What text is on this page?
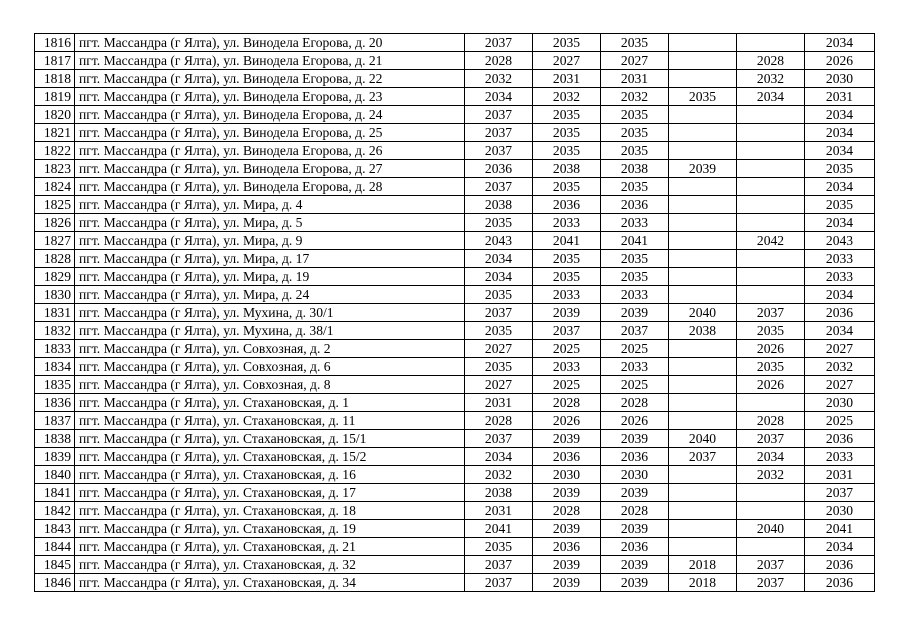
1816	пгт. Массандра (г Ялта), ул. Винодела Егорова, д. 20	2037	2035	2035			2034
1817	пгт. Массандра (г Ялта), ул. Винодела Егорова, д. 21	2028	2027	2027		2028	2026
1818	пгт. Массандра (г Ялта), ул. Винодела Егорова, д. 22	2032	2031	2031		2032	2030
1819	пгт. Массандра (г Ялта), ул. Винодела Егорова, д. 23	2034	2032	2032	2035	2034	2031
1820	пгт. Массандра (г Ялта), ул. Винодела Егорова, д. 24	2037	2035	2035			2034
1821	пгт. Массандра (г Ялта), ул. Винодела Егорова, д. 25	2037	2035	2035			2034
1822	пгт. Массандра (г Ялта), ул. Винодела Егорова, д. 26	2037	2035	2035			2034
1823	пгт. Массандра (г Ялта), ул. Винодела Егорова, д. 27	2036	2038	2038	2039		2035
1824	пгт. Массандра (г Ялта), ул. Винодела Егорова, д. 28	2037	2035	2035			2034
1825	пгт. Массандра (г Ялта), ул. Мира, д. 4	2038	2036	2036			2035
1826	пгт. Массандра (г Ялта), ул. Мира, д. 5	2035	2033	2033			2034
1827	пгт. Массандра (г Ялта), ул. Мира, д. 9	2043	2041	2041		2042	2043
1828	пгт. Массандра (г Ялта), ул. Мира, д. 17	2034	2035	2035			2033
1829	пгт. Массандра (г Ялта), ул. Мира, д. 19	2034	2035	2035			2033
1830	пгт. Массандра (г Ялта), ул. Мира, д. 24	2035	2033	2033			2034
1831	пгт. Массандра (г Ялта), ул. Мухина, д. 30/1	2037	2039	2039	2040	2037	2036
1832	пгт. Массандра (г Ялта), ул. Мухина, д. 38/1	2035	2037	2037	2038	2035	2034
1833	пгт. Массандра (г Ялта), ул. Совхозная, д. 2	2027	2025	2025		2026	2027
1834	пгт. Массандра (г Ялта), ул. Совхозная, д. 6	2035	2033	2033		2035	2032
1835	пгт. Массандра (г Ялта), ул. Совхозная, д. 8	2027	2025	2025		2026	2027
1836	пгт. Массандра (г Ялта), ул. Стахановская, д. 1	2031	2028	2028			2030
1837	пгт. Массандра (г Ялта), ул. Стахановская, д. 11	2028	2026	2026		2028	2025
1838	пгт. Массандра (г Ялта), ул. Стахановская, д. 15/1	2037	2039	2039	2040	2037	2036
1839	пгт. Массандра (г Ялта), ул. Стахановская, д. 15/2	2034	2036	2036	2037	2034	2033
1840	пгт. Массандра (г Ялта), ул. Стахановская, д. 16	2032	2030	2030		2032	2031
1841	пгт. Массандра (г Ялта), ул. Стахановская, д. 17	2038	2039	2039			2037
1842	пгт. Массандра (г Ялта), ул. Стахановская, д. 18	2031	2028	2028			2030
1843	пгт. Массандра (г Ялта), ул. Стахановская, д. 19	2041	2039	2039		2040	2041
1844	пгт. Массандра (г Ялта), ул. Стахановская, д. 21	2035	2036	2036			2034
1845	пгт. Массандра (г Ялта), ул. Стахановская, д. 32	2037	2039	2039	2018	2037	2036
1846	пгт. Массандра (г Ялта), ул. Стахановская, д. 34	2037	2039	2039	2018	2037	2036
